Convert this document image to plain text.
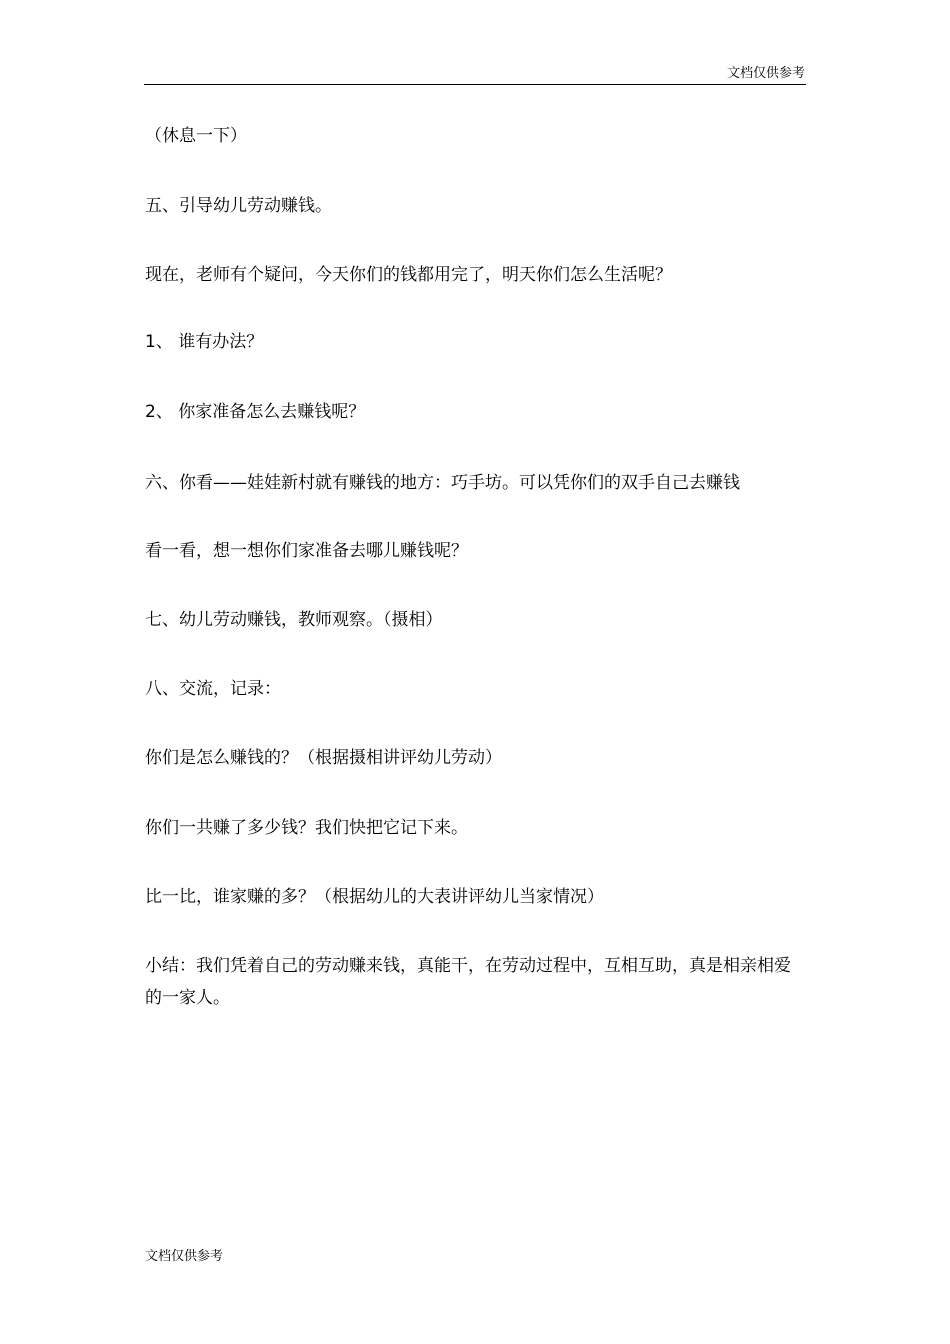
文档仅供参考

（休息一下）

五、引导幼儿劳动赚钱。

现在，老师有个疑问，今天你们的钱都用完了，明天你们怎么生活呢？

1、 谁有办法？

2、 你家准备怎么去赚钱呢？

六、你看——娃娃新村就有赚钱的地方：巧手坊。可以凭你们的双手自己去赚钱

看一看，想一想你们家准备去哪儿赚钱呢？

七、幼儿劳动赚钱，教师观察。（摄相）

八、交流，记录：

你们是怎么赚钱的？（根据摄相讲评幼儿劳动）

你们一共赚了多少钱？我们快把它记下来。

比一比，谁家赚的多？（根据幼儿的大表讲评幼儿当家情况）

小结：我们凭着自己的劳动赚来钱，真能干，在劳动过程中，互相互助，真是相亲相爱的一家人。

文档仅供参考
